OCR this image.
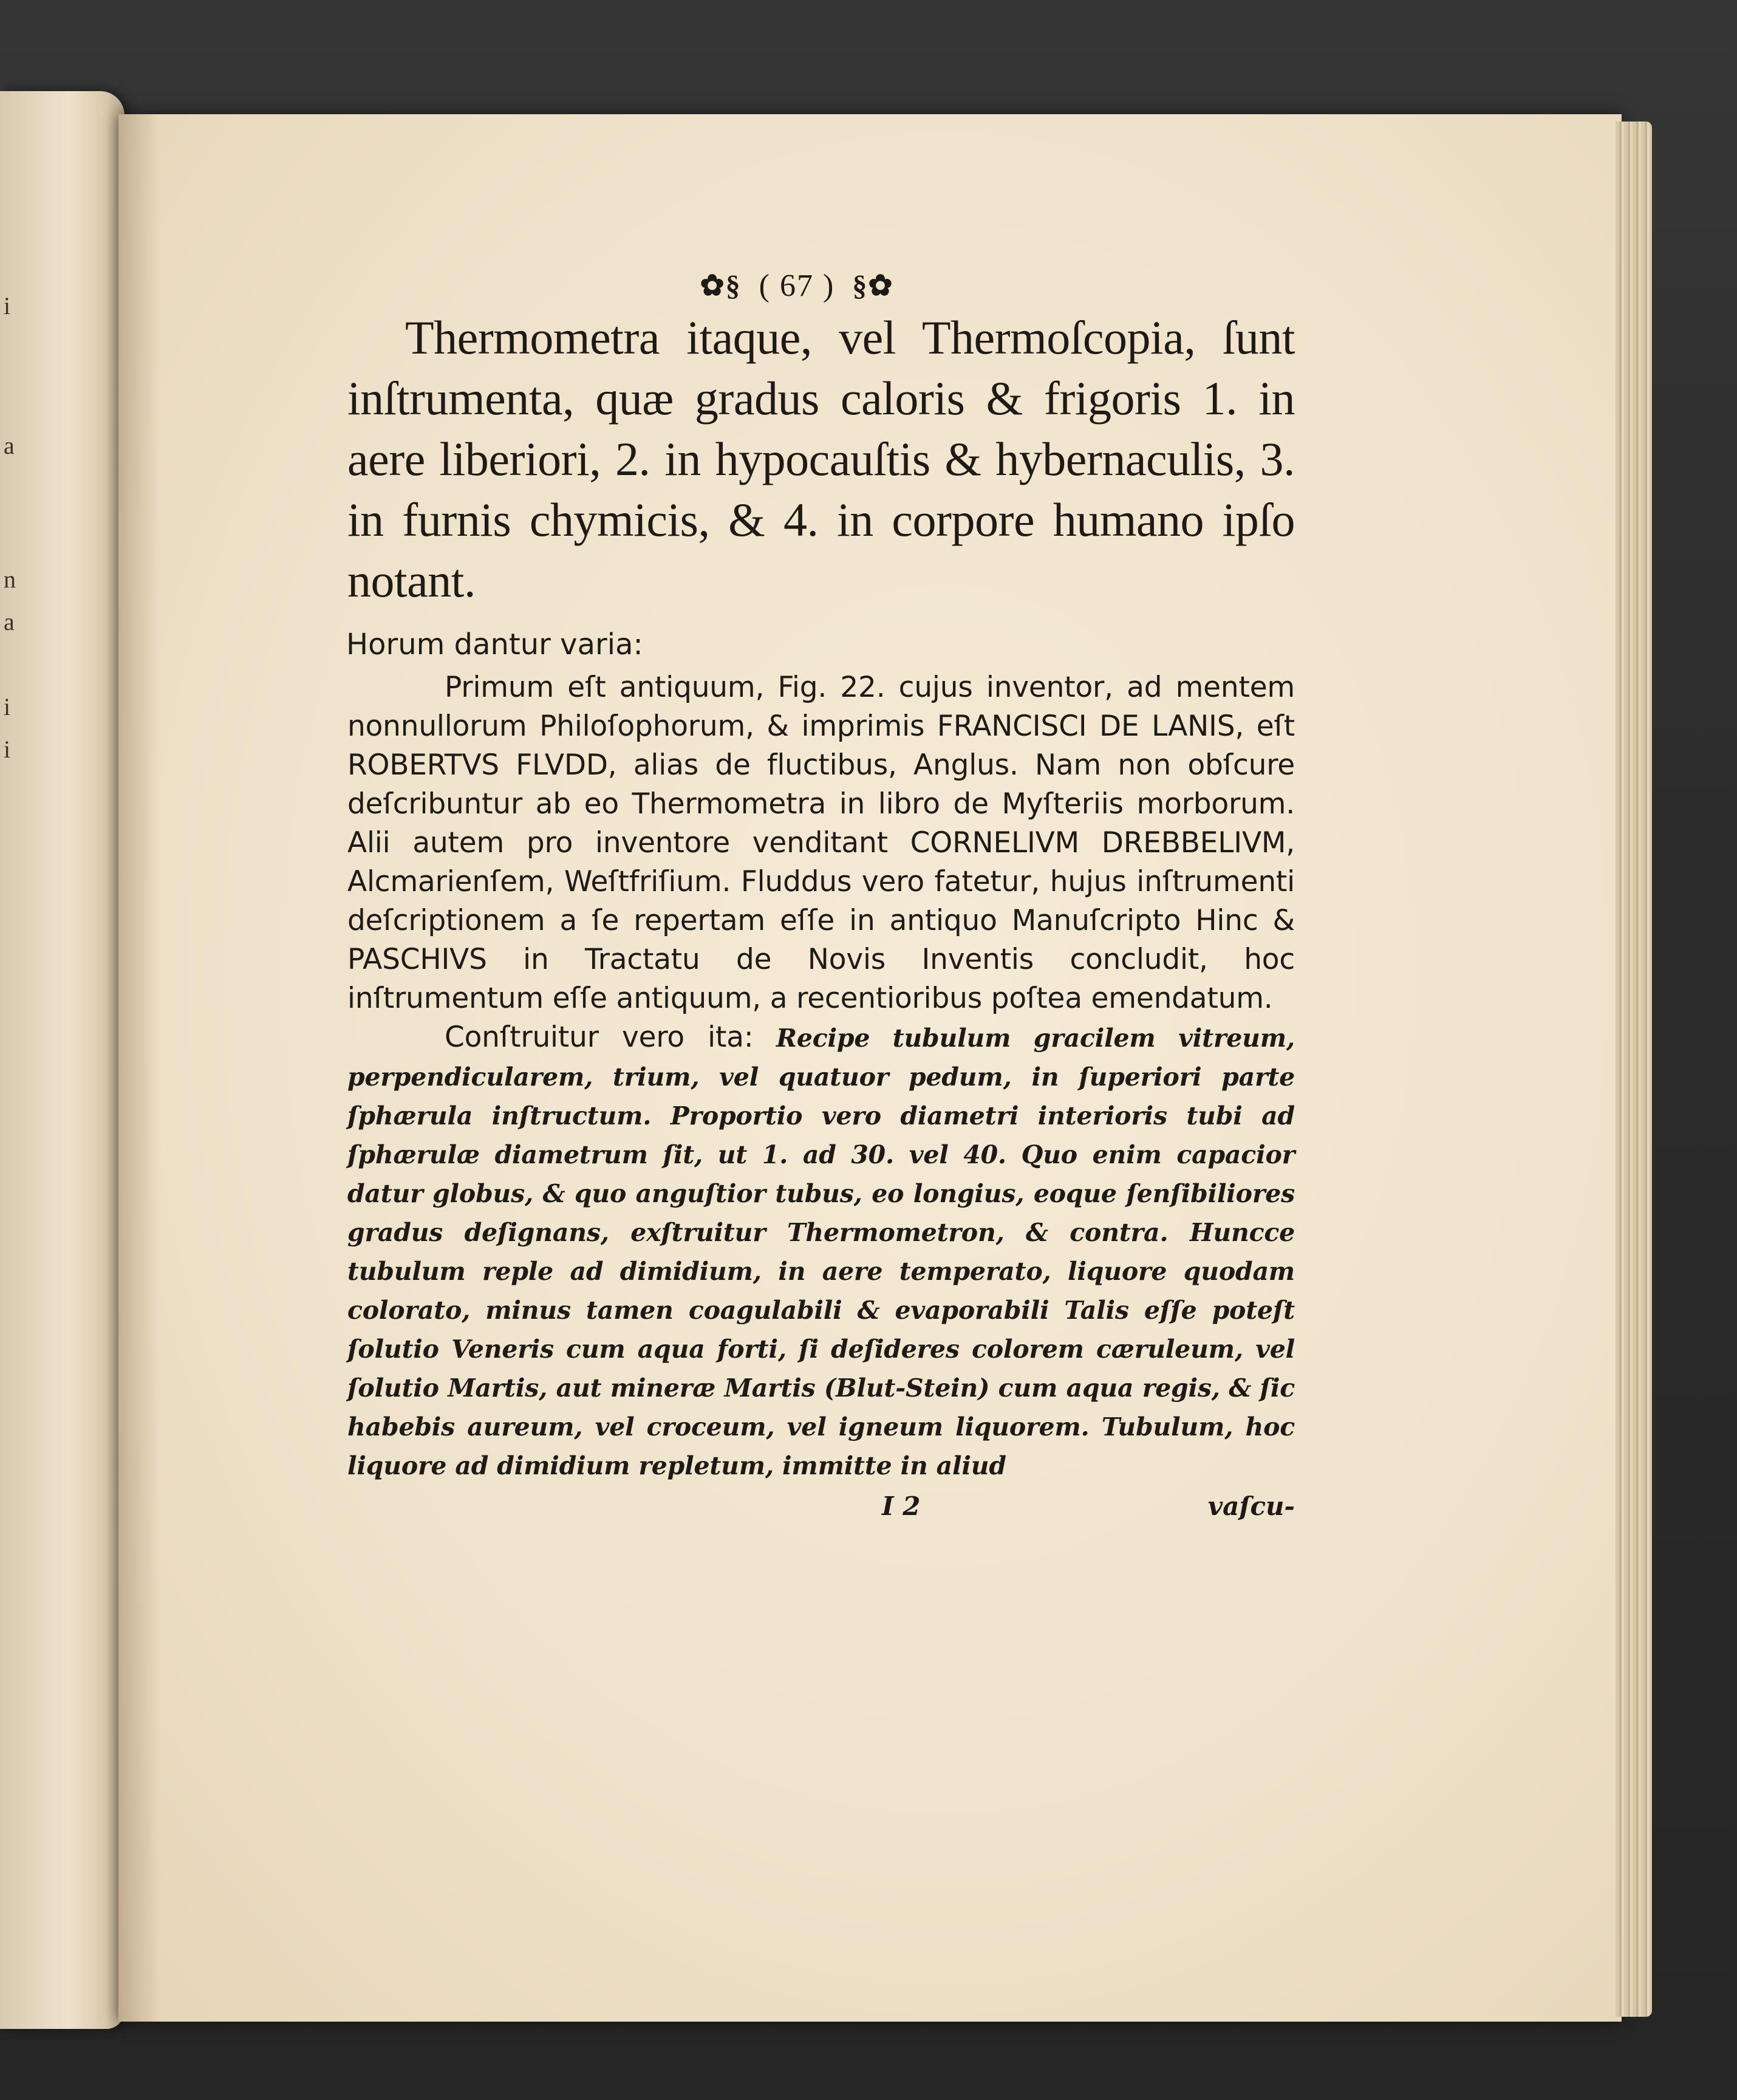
i
a
n
a
i
i
✿§ ( 67 ) §✿

Thermometra itaque, vel Thermoſcopia, ſunt inſtrumenta, quæ gradus caloris & frigoris 1. in aere liberiori, 2. in hypocauſtis & hybernaculis, 3. in furnis chymicis, & 4. in corpore humano ipſo notant.

Horum dantur varia:

Primum eſt antiquum, Fig. 22. cujus inventor, ad mentem nonnullorum Philoſophorum, & imprimis FRANCISCI DE LANIS, eſt ROBERTVS FLVDD, alias de fluctibus, Anglus. Nam non obſcure deſcribuntur ab eo Thermometra in libro de Myſteriis morborum. Alii autem pro inventore venditant CORNELIVM DREBBELIVM, Alcmarienſem, Weſtfriſium. Fluddus vero fatetur, hujus inſtrumenti deſcriptionem a ſe repertam eſſe in antiquo Manuſcripto Hinc & PASCHIVS in Tractatu de Novis Inventis concludit, hoc inſtrumentum eſſe antiquum, a recentioribus poſtea emendatum.

Conſtruitur vero ita: Recipe tubulum gracilem vitreum, perpendicularem, trium, vel quatuor pedum, in ſuperiori parte ſphærula inſtructum. Proportio vero diametri interioris tubi ad ſphærulæ diametrum ſit, ut 1. ad 30. vel 40. Quo enim capacior datur globus, & quo anguſtior tubus, eo longius, eoque ſenſibiliores gradus deſignans, exſtruitur Thermometron, & contra. Huncce tubulum reple ad dimidium, in aere temperato, liquore quodam colorato, minus tamen coagulabili & evaporabili Talis eſſe poteſt ſolutio Veneris cum aqua forti, ſi deſideres colorem cæruleum, vel ſolutio Martis, aut mineræ Martis (Blut-Stein) cum aqua regis, & ſic habebis aureum, vel croceum, vel igneum liquorem. Tubulum, hoc liquore ad dimidium repletum, immitte in aliud

I 2	vaſcu-
